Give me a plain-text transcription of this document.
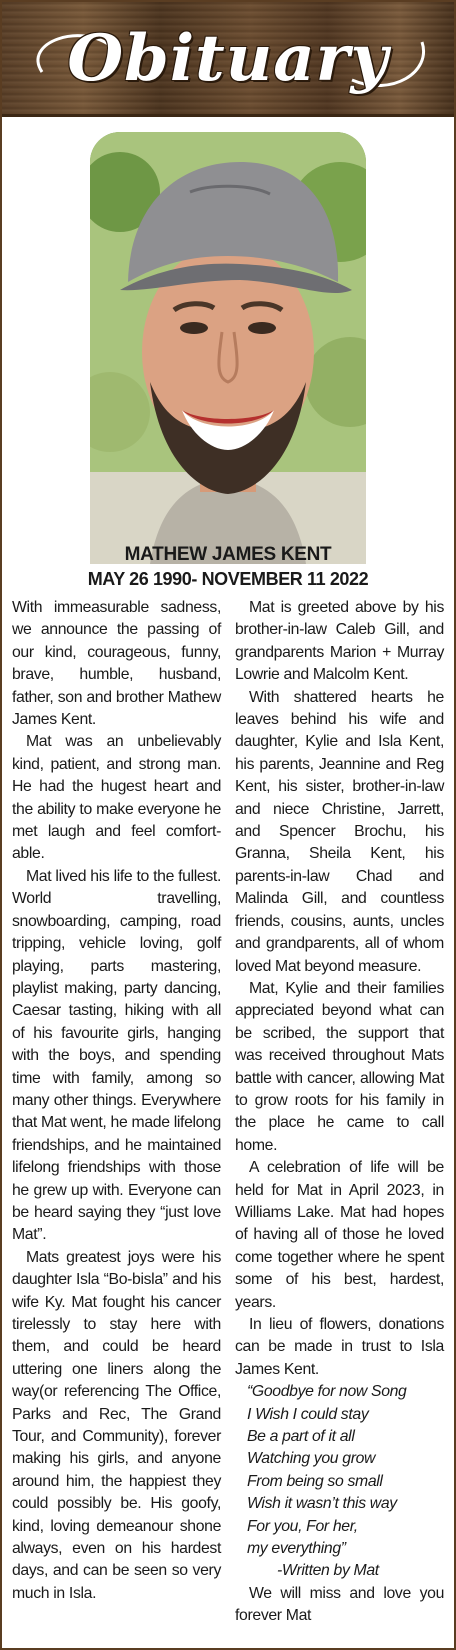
Obituary
MATHEW JAMES KENT
MAY 26 1990- NOVEMBER 11 2022

With immeasurable sadness, we announce the passing of our kind, courageous, funny, brave, humble, husband, father, son and brother Mathew James Kent.

Mat was an unbelievably kind, patient, and strong man. He had the hugest heart and the ability to make everyone he met laugh and feel comfort-able.

Mat lived his life to the fullest. World travelling, snowboarding, camping, road tripping, vehicle loving, golf playing, parts mastering, playlist making, party dancing, Caesar tasting, hiking with all of his favourite girls, hanging with the boys, and spending time with family, among so many other things. Everywhere that Mat went, he made lifelong friendships, and he maintained lifelong friendships with those he grew up with. Everyone can be heard saying they “just love Mat”.

Mats greatest joys were his daughter Isla “Bo-bisla” and his wife Ky. Mat fought his cancer tirelessly to stay here with them, and could be heard uttering one liners along the way(or referencing The Office, Parks and Rec, The Grand Tour, and Community), forever making his girls, and anyone around him, the happiest they could possibly be. His goofy, kind, loving demeanour shone always, even on his hardest days, and can be seen so very much in Isla.

Mat is greeted above by his brother-in-law Caleb Gill, and grandparents Marion + Murray Lowrie and Malcolm Kent.

With shattered hearts he leaves behind his wife and daughter, Kylie and Isla Kent, his parents, Jeannine and Reg Kent, his sister, brother-in-law and niece Christine, Jarrett, and Spencer Brochu, his Granna, Sheila Kent, his parents-in-law Chad and Malinda Gill, and countless friends, cousins, aunts, uncles and grandparents, all of whom loved Mat beyond measure.

Mat, Kylie and their families appreciated beyond what can be scribed, the support that was received throughout Mats battle with cancer, allowing Mat to grow roots for his family in the place he came to call home.

A celebration of life will be held for Mat in April 2023, in Williams Lake. Mat had hopes of having all of those he loved come together where he spent some of his best, hardest, years.

In lieu of flowers, donations can be made in trust to Isla James Kent.

“Goodbye for now Song
I Wish I could stay
Be a part of it all
Watching you grow
From being so small
Wish it wasn’t this way
For you, For her,
my everything”
-Written by Mat

We will miss and love you forever Mat
